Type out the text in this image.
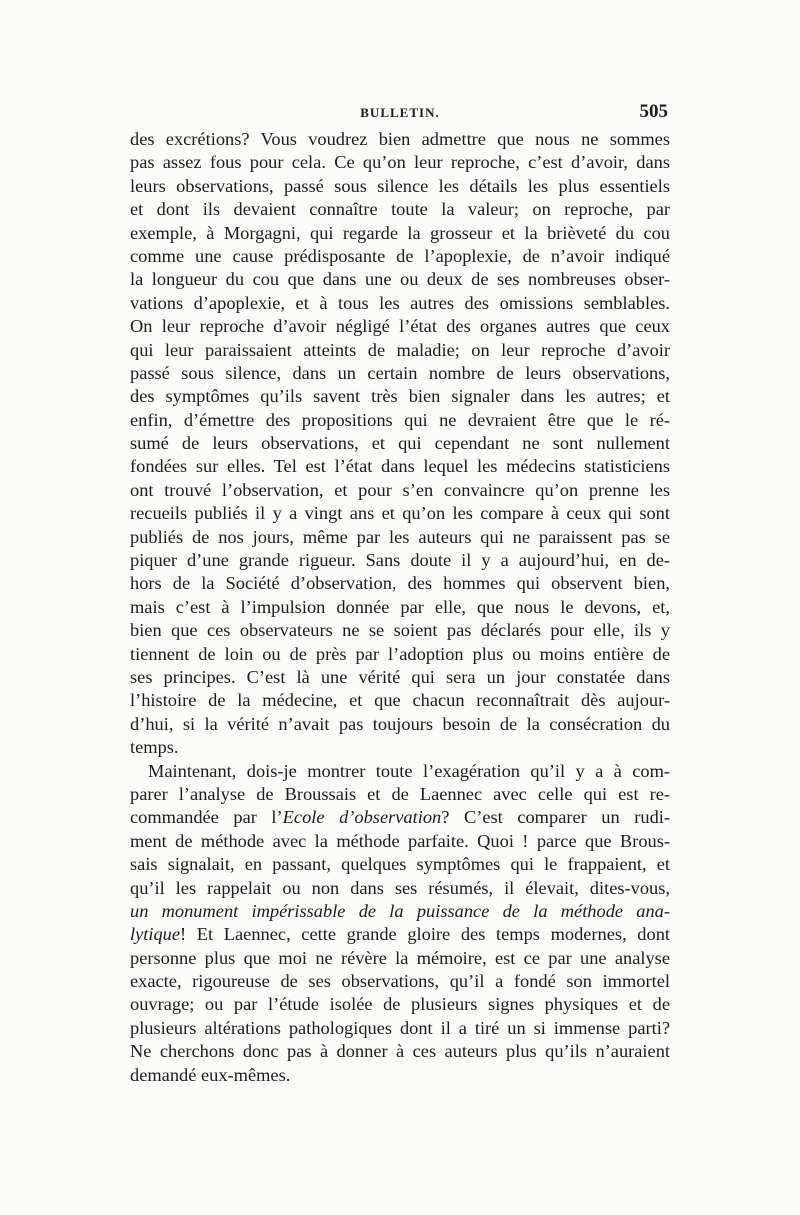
BULLETIN.	505
des excrétions? Vous voudrez bien admettre que nous ne sommes
pas assez fous pour cela. Ce qu’on leur reproche, c’est d’avoir, dans
leurs observations, passé sous silence les détails les plus essentiels
et dont ils devaient connaître toute la valeur; on reproche, par
exemple, à Morgagni, qui regarde la grosseur et la brièveté du cou
comme une cause prédisposante de l’apoplexie, de n’avoir indiqué
la longueur du cou que dans une ou deux de ses nombreuses obser-
vations d’apoplexie, et à tous les autres des omissions semblables.
On leur reproche d’avoir négligé l’état des organes autres que ceux
qui leur paraissaient atteints de maladie; on leur reproche d’avoir
passé sous silence, dans un certain nombre de leurs observations,
des symptômes qu’ils savent très bien signaler dans les autres; et
enfin, d’émettre des propositions qui ne devraient être que le ré-
sumé de leurs observations, et qui cependant ne sont nullement
fondées sur elles. Tel est l’état dans lequel les médecins statisticiens
ont trouvé l’observation, et pour s’en convaincre qu’on prenne les
recueils publiés il y a vingt ans et qu’on les compare à ceux qui sont
publiés de nos jours, même par les auteurs qui ne paraissent pas se
piquer d’une grande rigueur. Sans doute il y a aujourd’hui, en de-
hors de la Société d’observation, des hommes qui observent bien,
mais c’est à l’impulsion donnée par elle, que nous le devons, et,
bien que ces observateurs ne se soient pas déclarés pour elle, ils y
tiennent de loin ou de près par l’adoption plus ou moins entière de
ses principes. C’est là une vérité qui sera un jour constatée dans
l’histoire de la médecine, et que chacun reconnaîtrait dès aujour-
d’hui, si la vérité n’avait pas toujours besoin de la consécration du
temps.
Maintenant, dois-je montrer toute l’exagération qu’il y a à com-
parer l’analyse de Broussais et de Laennec avec celle qui est re-
commandée par l’Ecole d’observation? C’est comparer un rudi-
ment de méthode avec la méthode parfaite. Quoi ! parce que Brous-
sais signalait, en passant, quelques symptômes qui le frappaient, et
qu’il les rappelait ou non dans ses résumés, il élevait, dites-vous,
un monument impérissable de la puissance de la méthode ana-
lytique! Et Laennec, cette grande gloire des temps modernes, dont
personne plus que moi ne révère la mémoire, est ce par une analyse
exacte, rigoureuse de ses observations, qu’il a fondé son immortel
ouvrage; ou par l’étude isolée de plusieurs signes physiques et de
plusieurs altérations pathologiques dont il a tiré un si immense parti?
Ne cherchons donc pas à donner à ces auteurs plus qu’ils n’auraient
demandé eux-mêmes.
